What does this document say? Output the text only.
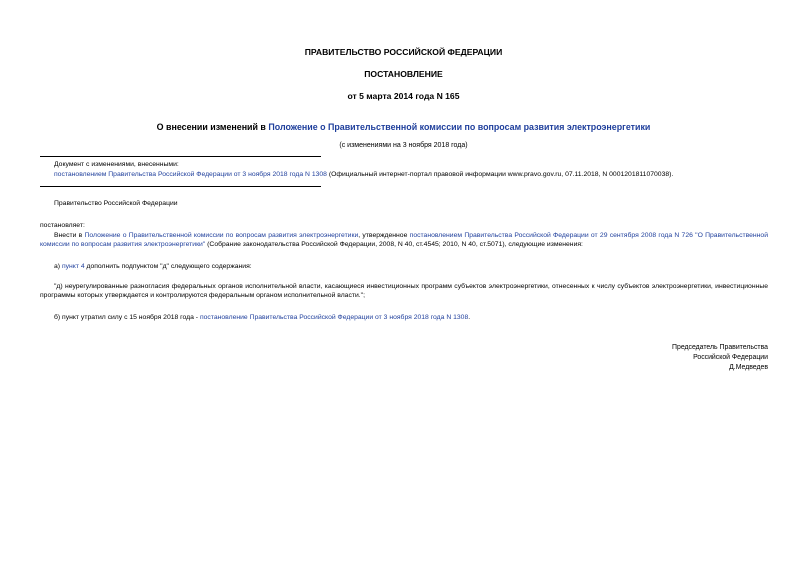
ПРАВИТЕЛЬСТВО РОССИЙСКОЙ ФЕДЕРАЦИИ
ПОСТАНОВЛЕНИЕ
от 5 марта 2014 года N 165
О внесении изменений в Положение о Правительственной комиссии по вопросам развития электроэнергетики
(с изменениями на 3 ноября 2018 года)
Документ с изменениями, внесенными:
постановлением Правительства Российской Федерации от 3 ноября 2018 года N 1308 (Официальный интернет-портал правовой информации www.pravo.gov.ru, 07.11.2018, N 0001201811070038).
Правительство Российской Федерации
постановляет:
Внести в Положение о Правительственной комиссии по вопросам развития электроэнергетики, утвержденное постановлением Правительства Российской Федерации от 29 сентября 2008 года N 726 "О Правительственной комиссии по вопросам развития электроэнергетики" (Собрание законодательства Российской Федерации, 2008, N 40, ст.4545; 2010, N 40, ст.5071), следующие изменения:
а) пункт 4 дополнить подпунктом "д" следующего содержания:
"д) неурегулированные разногласия федеральных органов исполнительной власти, касающиеся инвестиционных программ субъектов электроэнергетики, отнесенных к числу субъектов электроэнергетики, инвестиционные программы которых утверждается и контролируются федеральным органом исполнительной власти.";
б) пункт утратил силу с 15 ноября 2018 года - постановление Правительства Российской Федерации от 3 ноября 2018 года N 1308.
Председатель Правительства
Российской Федерации
Д.Медведев
